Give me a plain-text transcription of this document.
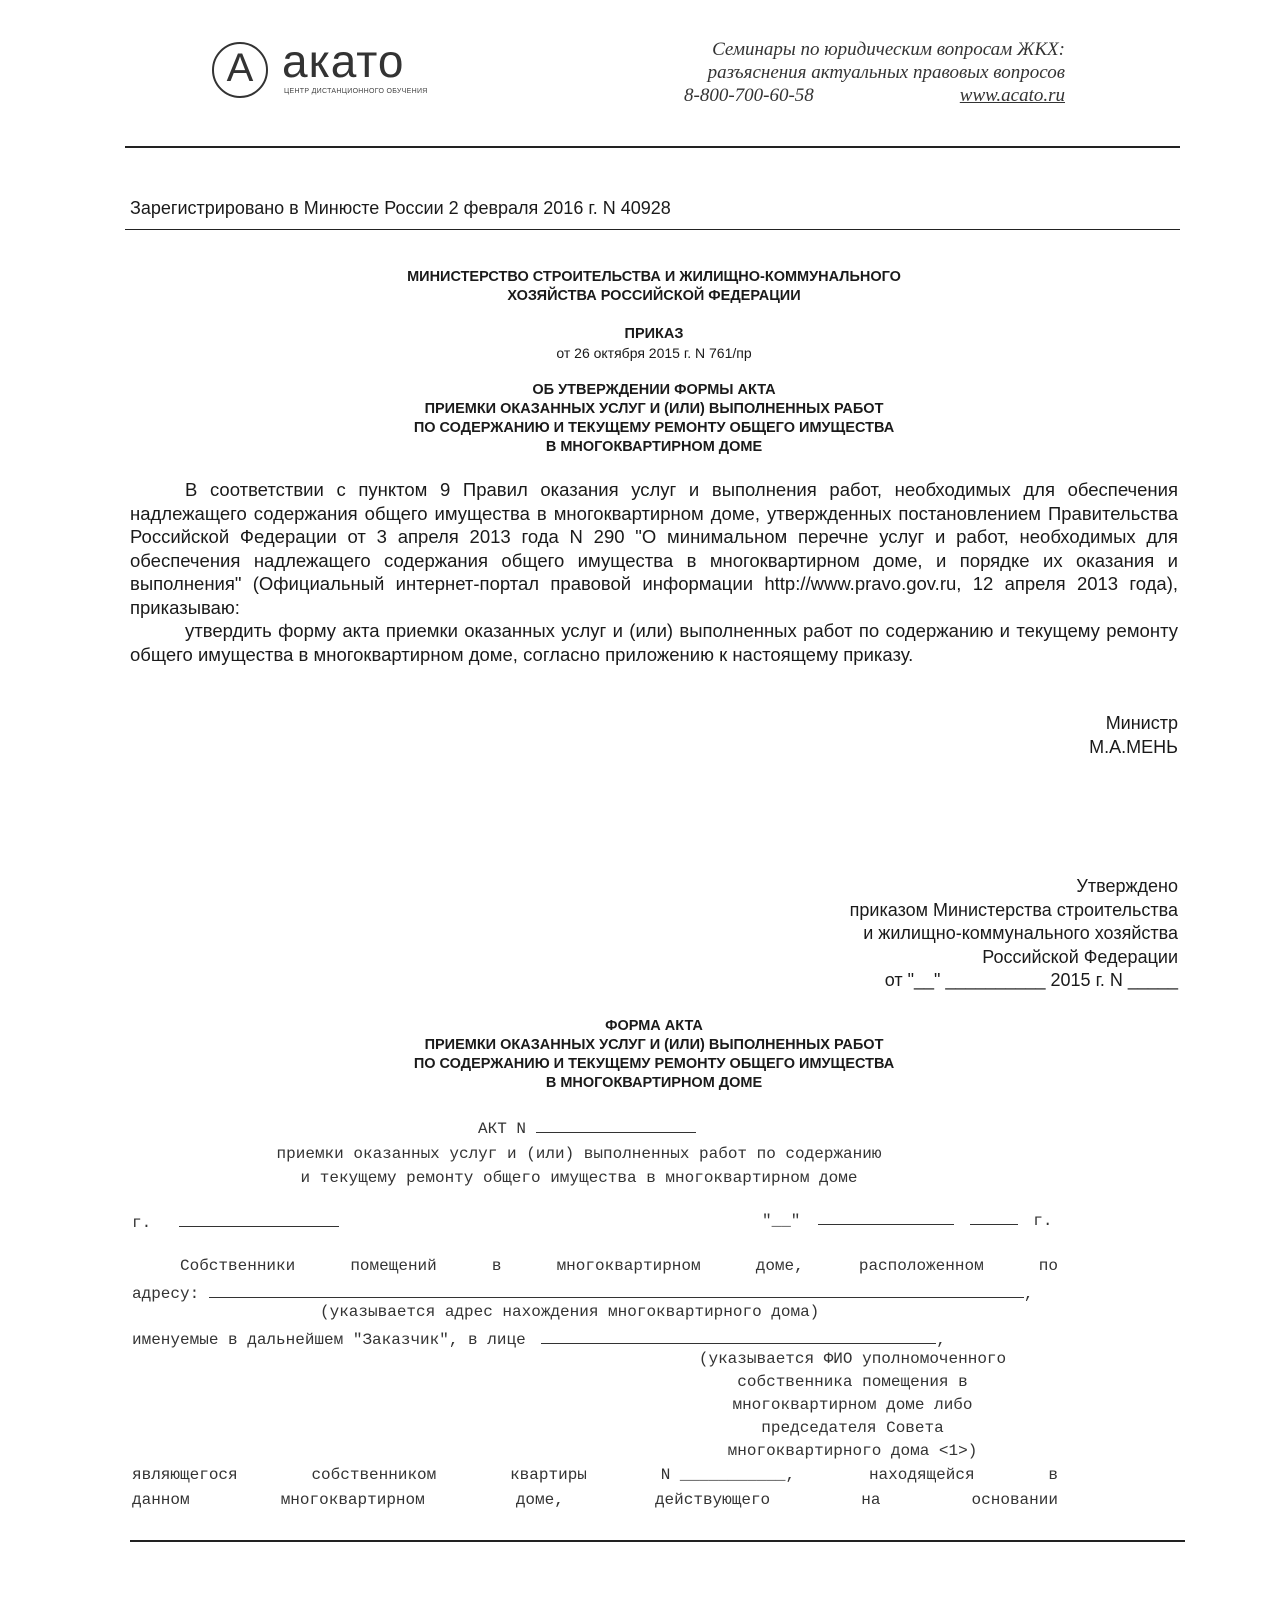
A акато
ЦЕНТР ДИСТАНЦИОННОГО ОБУЧЕНИЯ
Семинары по юридическим вопросам ЖКХ:
разъяснения актуальных правовых вопросов
8-800-700-60-58	www.acato.ru
Зарегистрировано в Минюсте России 2 февраля 2016 г. N 40928
МИНИСТЕРСТВО СТРОИТЕЛЬСТВА И ЖИЛИЩНО-КОММУНАЛЬНОГО
ХОЗЯЙСТВА РОССИЙСКОЙ ФЕДЕРАЦИИ
ПРИКАЗ
от 26 октября 2015 г. N 761/пр
ОБ УТВЕРЖДЕНИИ ФОРМЫ АКТА
ПРИЕМКИ ОКАЗАННЫХ УСЛУГ И (ИЛИ) ВЫПОЛНЕННЫХ РАБОТ
ПО СОДЕРЖАНИЮ И ТЕКУЩЕМУ РЕМОНТУ ОБЩЕГО ИМУЩЕСТВА
В МНОГОКВАРТИРНОМ ДОМЕ

В соответствии с пунктом 9 Правил оказания услуг и выполнения работ, необходимых для обеспечения надлежащего содержания общего имущества в многоквартирном доме, утвержденных постановлением Правительства Российской Федерации от 3 апреля 2013 года N 290 "О минимальном перечне услуг и работ, необходимых для обеспечения надлежащего содержания общего имущества в многоквартирном доме, и порядке их оказания и выполнения" (Официальный интернет-портал правовой информации http://www.pravo.gov.ru, 12 апреля 2013 года), приказываю:

утвердить форму акта приемки оказанных услуг и (или) выполненных работ по содержанию и текущему ремонту общего имущества в многоквартирном доме, согласно приложению к настоящему приказу.

Министр
М.А.МЕНЬ
Утверждено
приказом Министерства строительства
и жилищно-коммунального хозяйства
Российской Федерации
от "__" __________ 2015 г. N _____
ФОРМА АКТА
ПРИЕМКИ ОКАЗАННЫХ УСЛУГ И (ИЛИ) ВЫПОЛНЕННЫХ РАБОТ
ПО СОДЕРЖАНИЮ И ТЕКУЩЕМУ РЕМОНТУ ОБЩЕГО ИМУЩЕСТВА
В МНОГОКВАРТИРНОМ ДОМЕ
АКТ N
приемки оказанных услуг и (или) выполненных работ по содержанию
и текущему ремонту общего имущества в многоквартирном доме
г.	"__"	г.
Собственники	помещений	в	многоквартирном	доме,	расположенном	по
адресу:	,
(указывается адрес нахождения многоквартирного дома)
именуемые в дальнейшем "Заказчик", в лице	,
(указывается ФИО уполномоченного
собственника помещения в
многоквартирном доме либо
председателя Совета
многоквартирного дома <1>)
являющегося	собственником	квартиры	N ___________,	находящейся	в
данном	многоквартирном	доме,	действующего	на	основании
